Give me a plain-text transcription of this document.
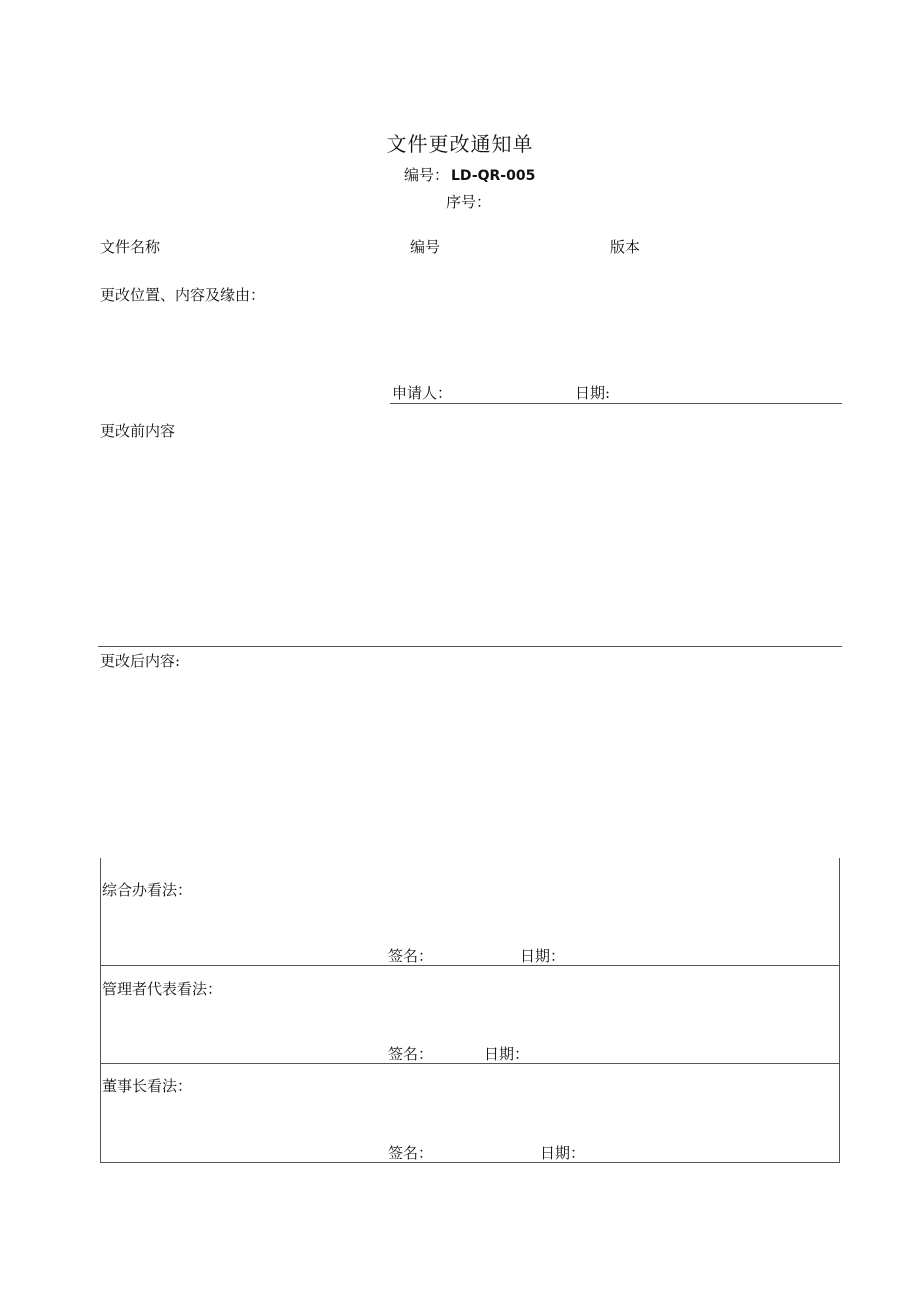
文件更改通知单
编号： LD-QR-005
序号：
文件名称	编号	版本
更改位置、内容及缘由：
申请人：	日期:
更改前内容
更改后内容:
综合办看法：
签名：	日期：
管理者代表看法：
签名：	日期：
董事长看法：
签名：	日期：
